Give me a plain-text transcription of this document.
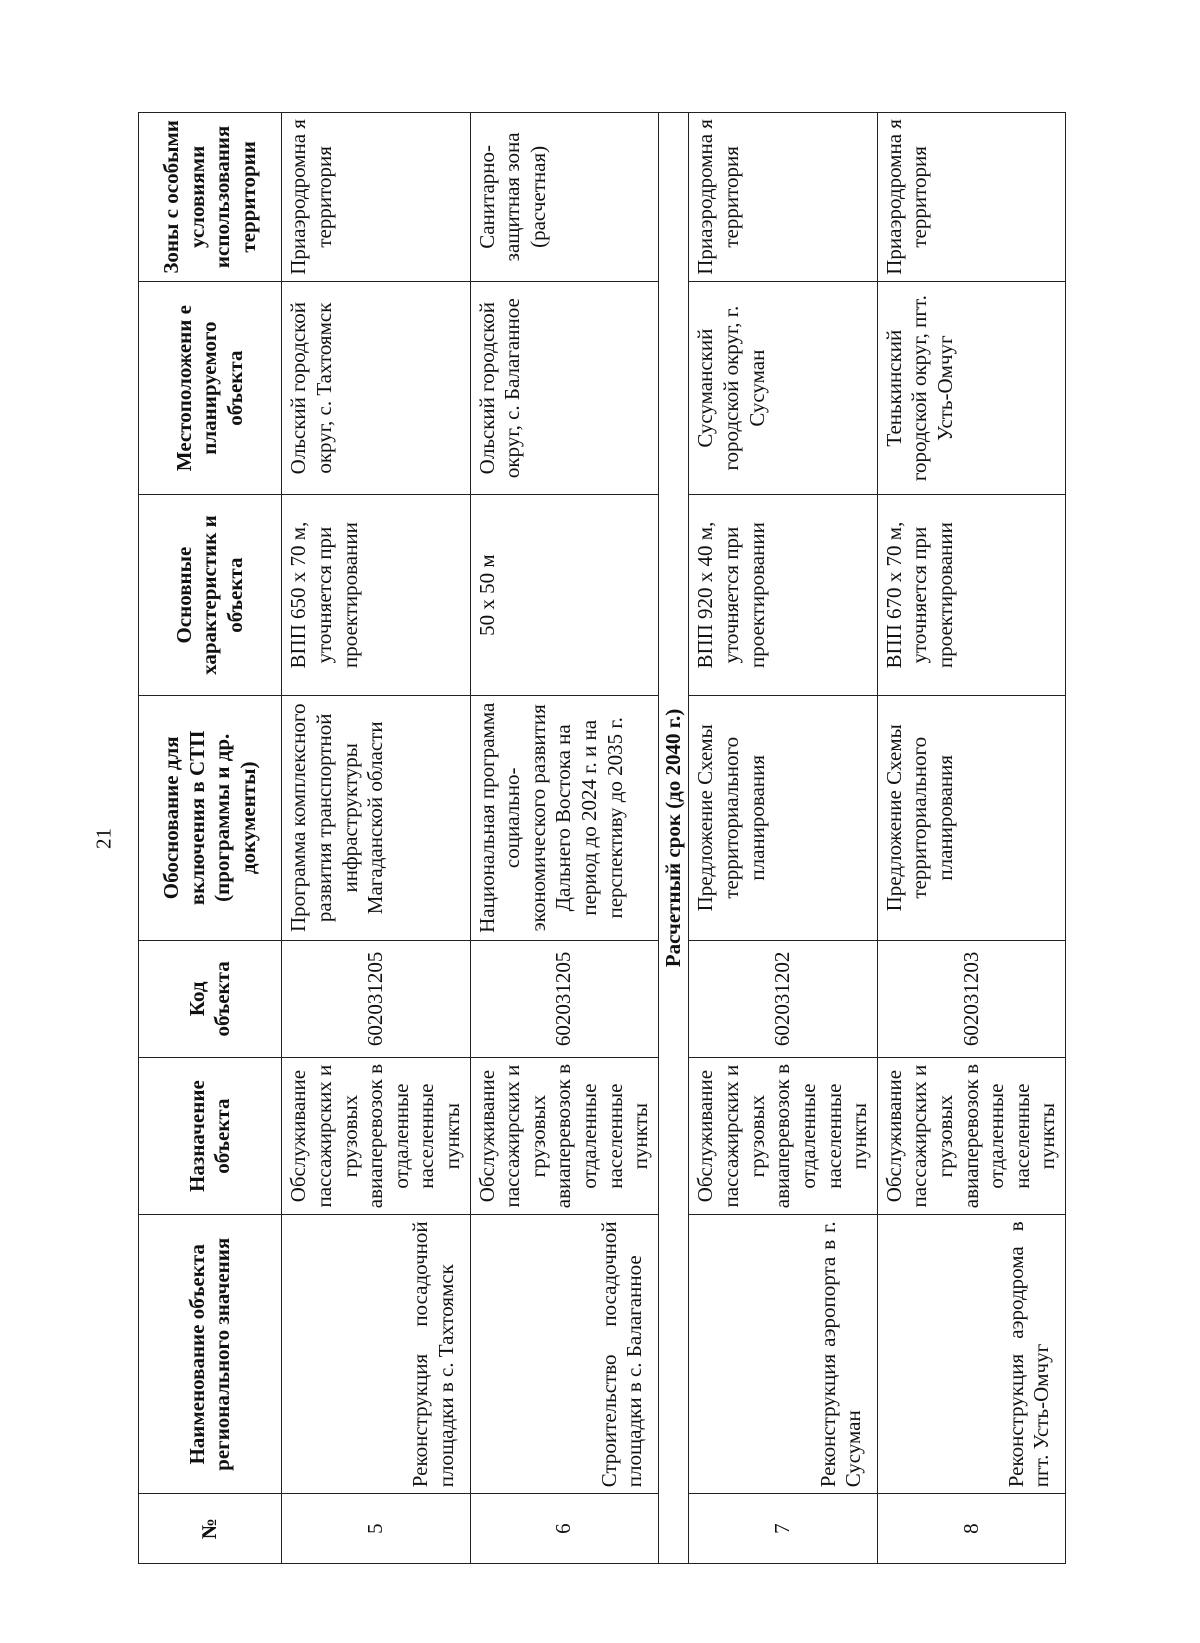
21
№	Наименование объекта регионального значения	Назначение объекта	Код объекта	Обоснование для включения в СТП (программы и др. документы)	Основные характеристик и объекта	Местоположени е планируемого объекта	Зоны с особыми условиями использования территории
5	Реконструкция посадочной площадки в с. Тахтоямск	Обслуживание пассажирских и грузовых авиаперевозок в отдаленные населенные пункты	602031205	Программа комплексного развития транспортной инфраструктуры Магаданской области	ВПП 650 х 70 м, уточняется при проектировании	Ольский городской округ, с. Тахтоямск	Приаэродромна я территория
6	Строительство посадочной площадки в с. Балаганное	Обслуживание пассажирских и грузовых авиаперевозок в отдаленные населенные пункты	602031205	Национальная программа социально-экономического развития Дальнего Востока на период до 2024 г. и на перспективу до 2035 г.	50 х 50 м	Ольский городской округ, с. Балаганное	Санитарно-защитная зона (расчетная)
Расчетный срок (до 2040 г.)							
7	Реконструкция аэропорта в г. Сусуман	Обслуживание пассажирских и грузовых авиаперевозок в отдаленные населенные пункты	602031202	Предложение Схемы территориального планирования	ВПП 920 х 40 м, уточняется при проектировании	Сусуманский городской округ, г. Сусуман	Приаэродромна я территория
8	Реконструкция аэродрома в пгт. Усть-Омчуг	Обслуживание пассажирских и грузовых авиаперевозок в отдаленные населенные пункты	602031203	Предложение Схемы территориального планирования	ВПП 670 х 70 м, уточняется при проектировании	Тенькинский городской округ, пгт. Усть-Омчуг	Приаэродромна я территория
